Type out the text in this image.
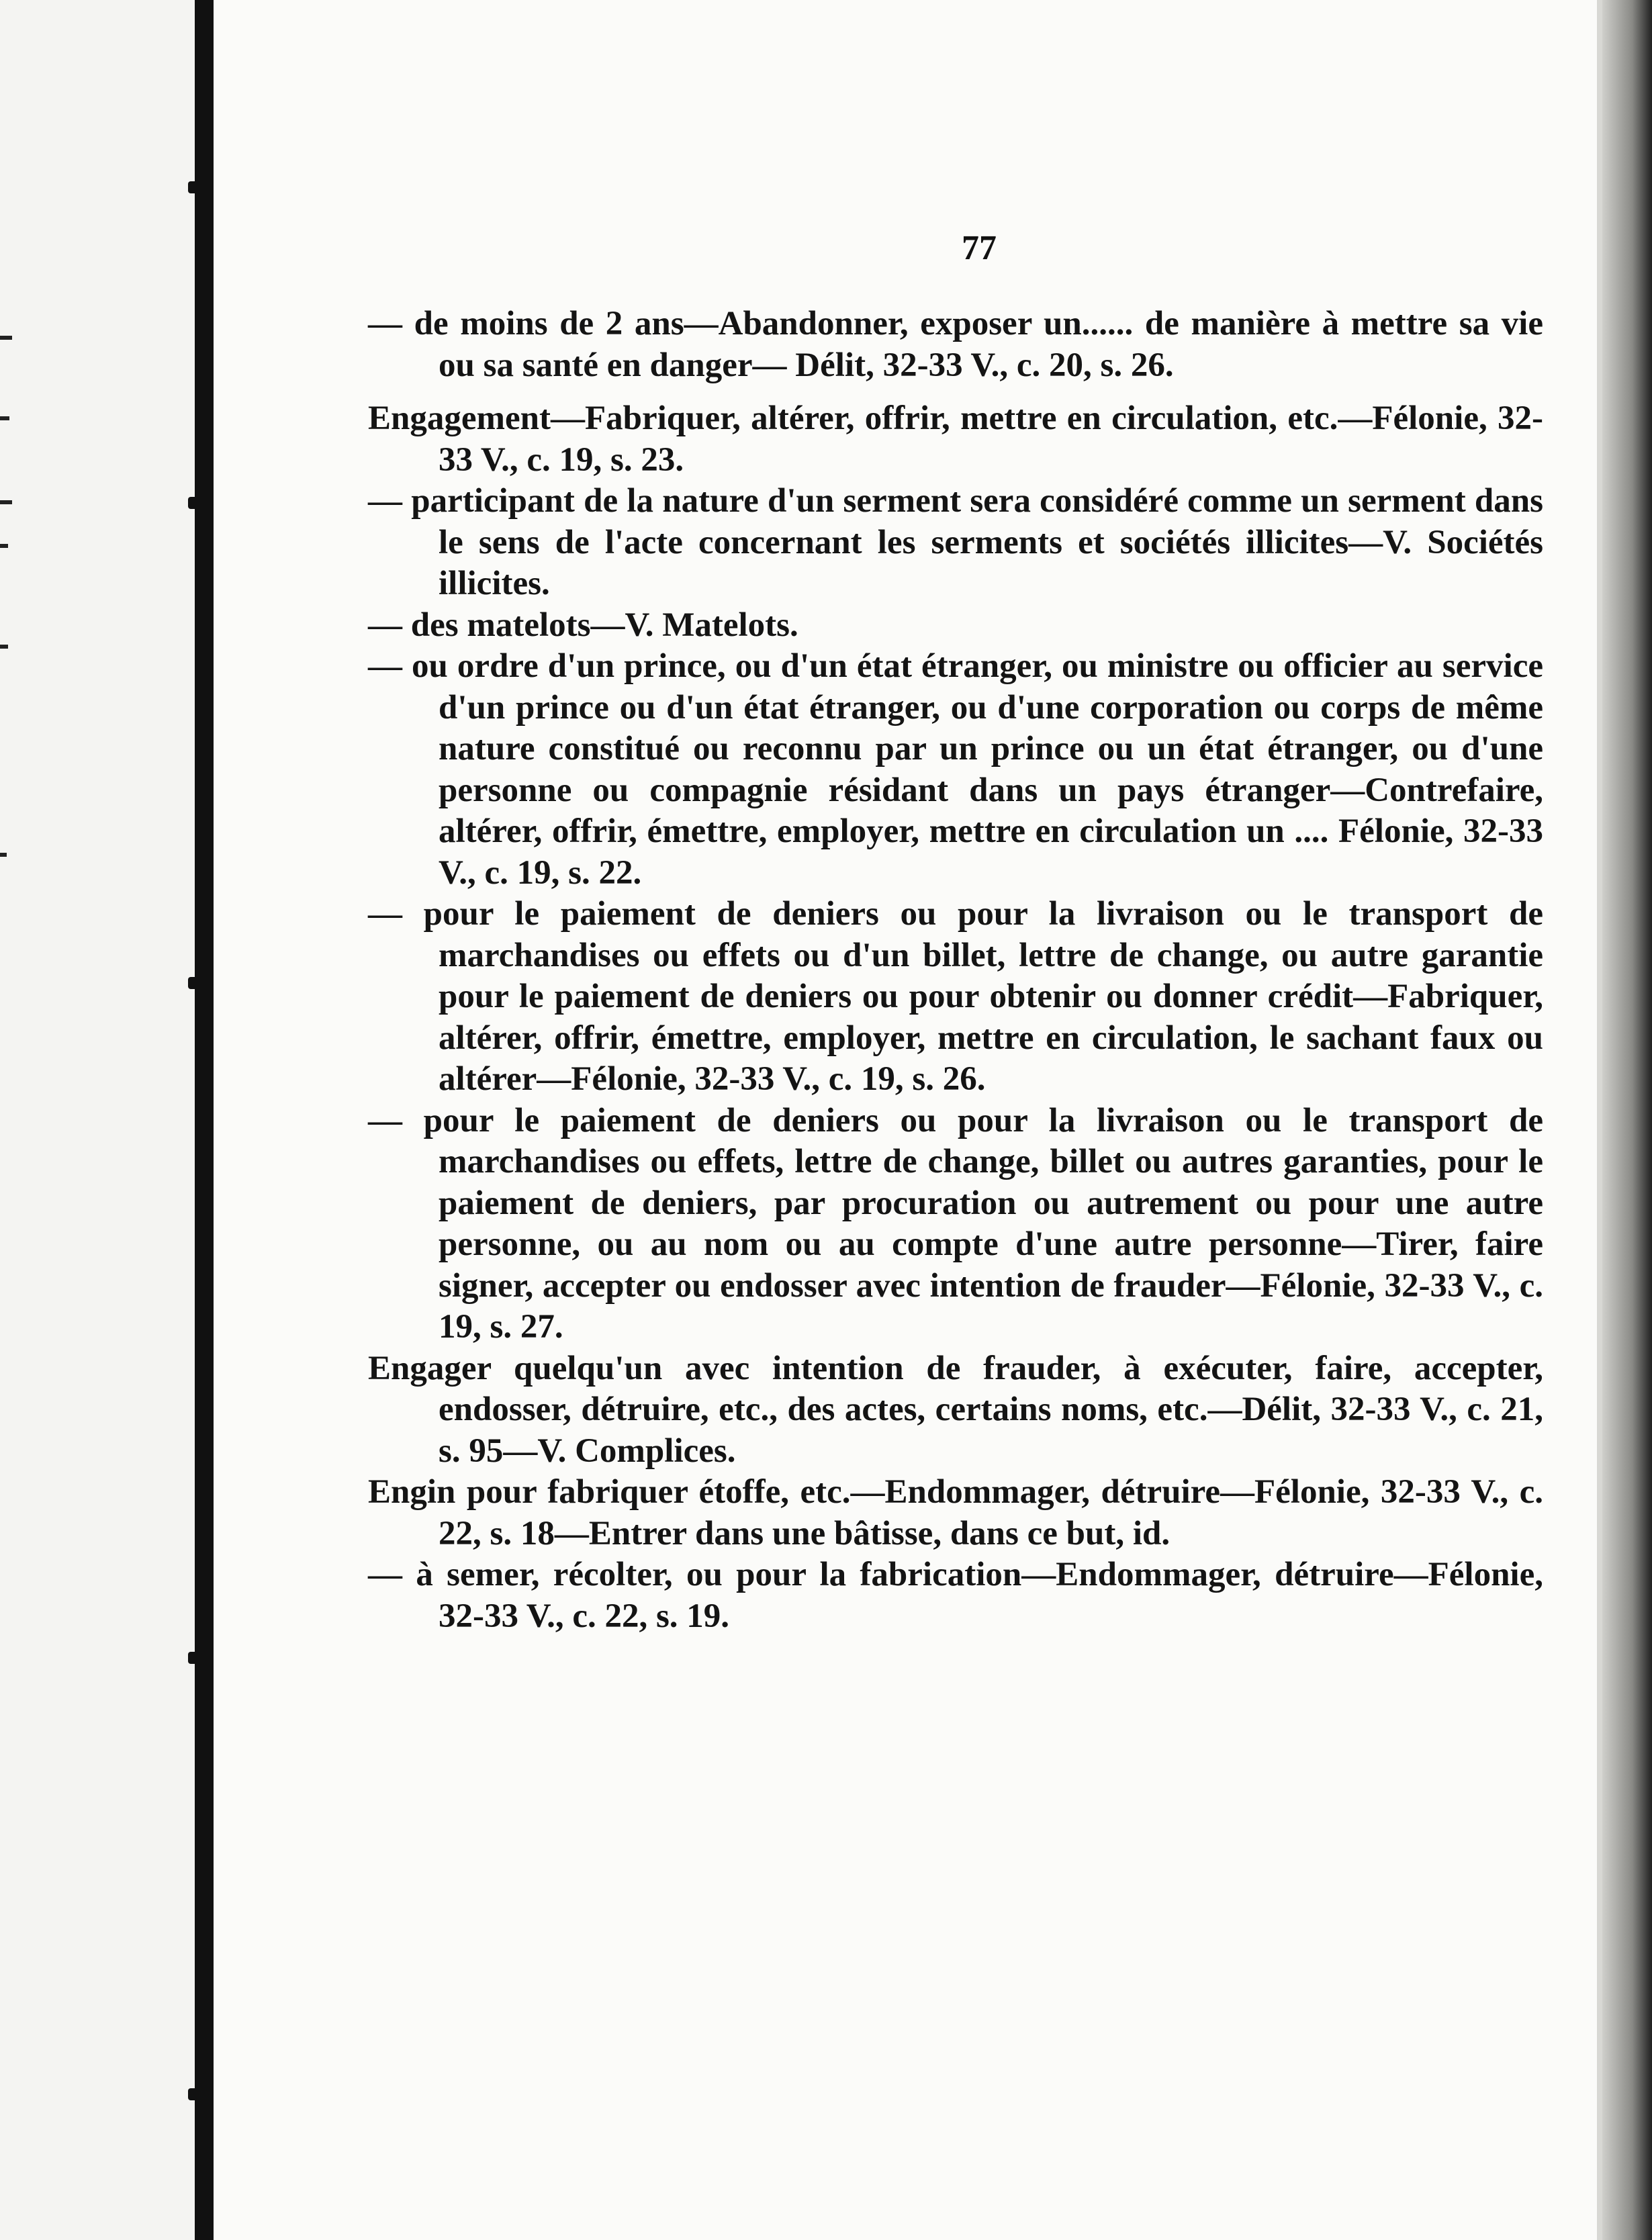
77

— de moins de 2 ans—Abandonner, exposer un...... de manière à mettre sa vie ou sa santé en danger— Délit, 32-33 V., c. 20, s. 26.

Engagement—Fabriquer, altérer, offrir, mettre en circulation, etc.—Félonie, 32-33 V., c. 19, s. 23.

— participant de la nature d'un serment sera considéré comme un serment dans le sens de l'acte concernant les serments et sociétés illicites—V. Sociétés illicites.

— des matelots—V. Matelots.

— ou ordre d'un prince, ou d'un état étranger, ou ministre ou officier au service d'un prince ou d'un état étranger, ou d'une corporation ou corps de même nature constitué ou reconnu par un prince ou un état étranger, ou d'une personne ou compagnie résidant dans un pays étranger—Contrefaire, altérer, offrir, émettre, employer, mettre en circulation un .... Félonie, 32-33 V., c. 19, s. 22.

— pour le paiement de deniers ou pour la livraison ou le transport de marchandises ou effets ou d'un billet, lettre de change, ou autre garantie pour le paiement de deniers ou pour obtenir ou donner crédit—Fabriquer, altérer, offrir, émettre, employer, mettre en circulation, le sachant faux ou altérer—Félonie, 32-33 V., c. 19, s. 26.

— pour le paiement de deniers ou pour la livraison ou le transport de marchandises ou effets, lettre de change, billet ou autres garanties, pour le paiement de deniers, par procuration ou autrement ou pour une autre personne, ou au nom ou au compte d'une autre personne—Tirer, faire signer, accepter ou endosser avec intention de frauder—Félonie, 32-33 V., c. 19, s. 27.

Engager quelqu'un avec intention de frauder, à exécuter, faire, accepter, endosser, détruire, etc., des actes, certains noms, etc.—Délit, 32-33 V., c. 21, s. 95—V. Complices.

Engin pour fabriquer étoffe, etc.—Endommager, détruire—Félonie, 32-33 V., c. 22, s. 18—Entrer dans une bâtisse, dans ce but, id.

— à semer, récolter, ou pour la fabrication—Endommager, détruire—Félonie, 32-33 V., c. 22, s. 19.
